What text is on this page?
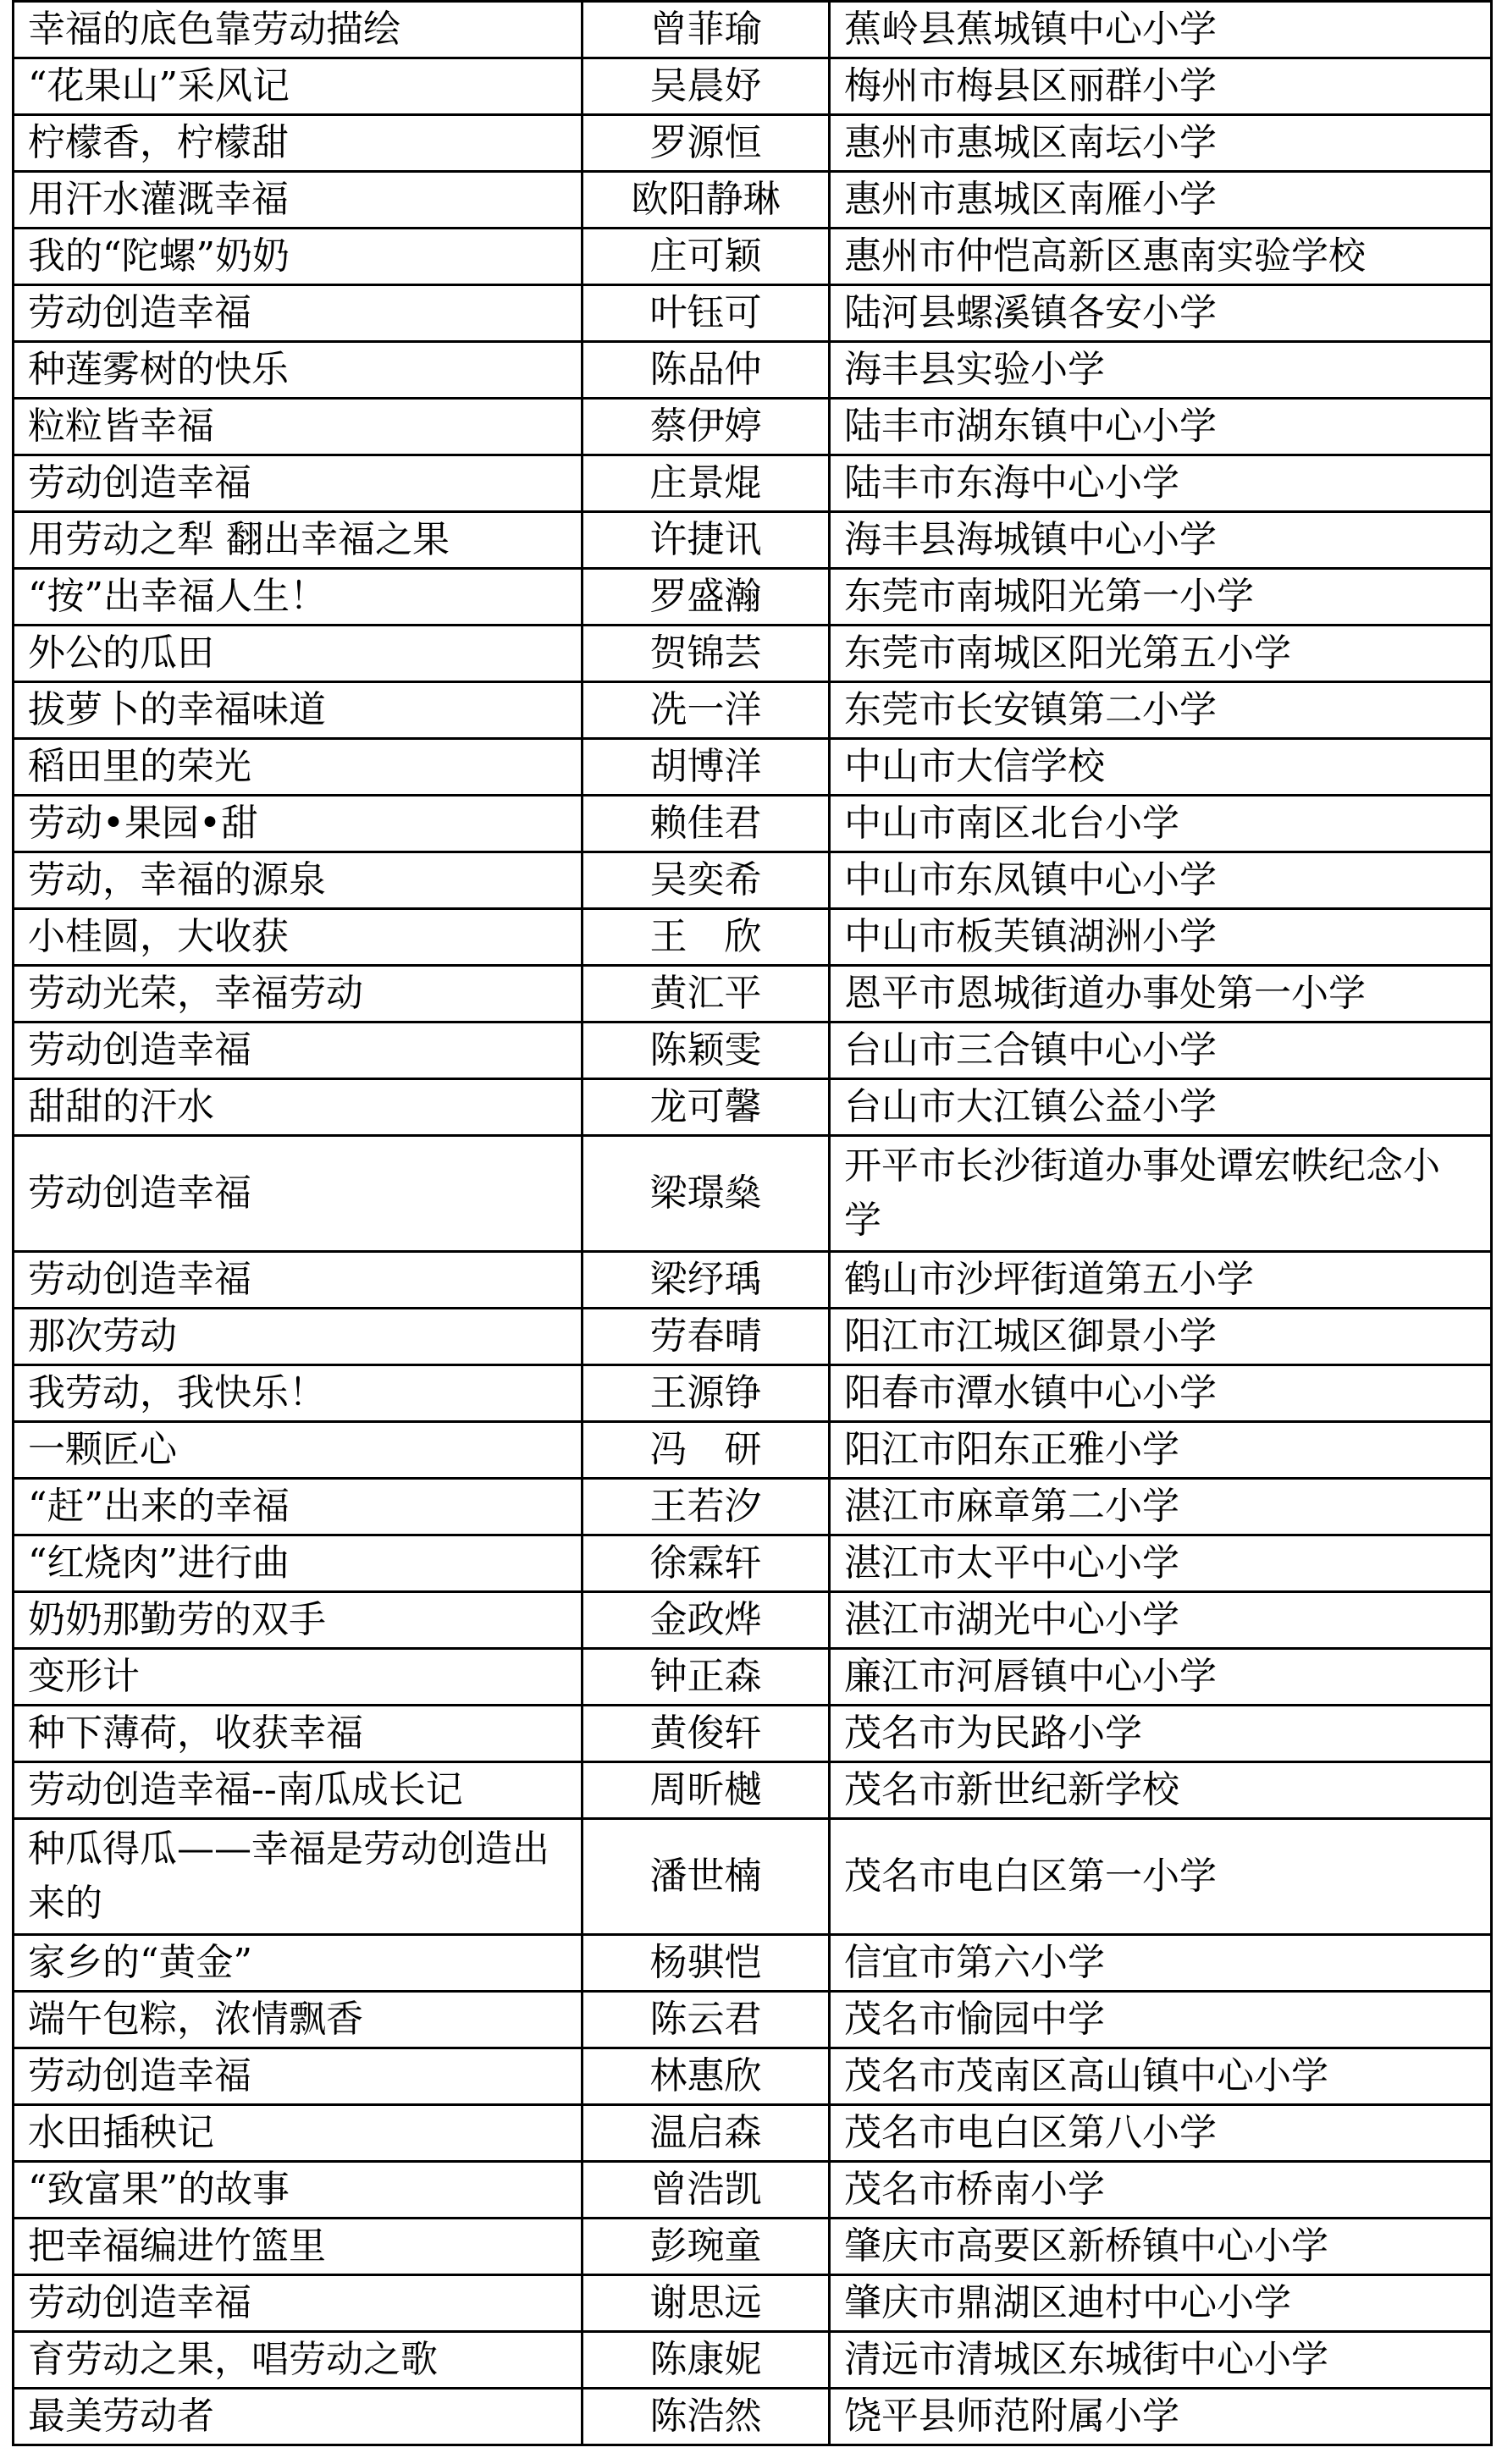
幸福的底色靠劳动描绘	曾菲瑜	蕉岭县蕉城镇中心小学
“花果山”采风记	吴晨妤	梅州市梅县区丽群小学
柠檬香，柠檬甜	罗源恒	惠州市惠城区南坛小学
用汗水灌溉幸福	欧阳静琳	惠州市惠城区南雁小学
我的“陀螺”奶奶	庄可颖	惠州市仲恺高新区惠南实验学校
劳动创造幸福	叶钰可	陆河县螺溪镇各安小学
种莲雾树的快乐	陈品仲	海丰县实验小学
粒粒皆幸福	蔡伊婷	陆丰市湖东镇中心小学
劳动创造幸福	庄景焜	陆丰市东海中心小学
用劳动之犁 翻出幸福之果	许捷讯	海丰县海城镇中心小学
“按”出幸福人生！	罗盛瀚	东莞市南城阳光第一小学
外公的瓜田	贺锦芸	东莞市南城区阳光第五小学
拔萝卜的幸福味道	冼一洋	东莞市长安镇第二小学
稻田里的荣光	胡博洋	中山市大信学校
劳动•果园•甜	赖佳君	中山市南区北台小学
劳动，幸福的源泉	吴奕希	中山市东凤镇中心小学
小桂圆，大收获	王　欣	中山市板芙镇湖洲小学
劳动光荣，幸福劳动	黄汇平	恩平市恩城街道办事处第一小学
劳动创造幸福	陈颖雯	台山市三合镇中心小学
甜甜的汗水	龙可馨	台山市大江镇公益小学
劳动创造幸福	梁璟燊	开平市长沙街道办事处谭宏帙纪念小学
劳动创造幸福	梁纾瑀	鹤山市沙坪街道第五小学
那次劳动	劳春晴	阳江市江城区御景小学
我劳动，我快乐！	王源铮	阳春市潭水镇中心小学
一颗匠心	冯　研	阳江市阳东正雅小学
“赶”出来的幸福	王若汐	湛江市麻章第二小学
“红烧肉”进行曲	徐霖轩	湛江市太平中心小学
奶奶那勤劳的双手	金政烨	湛江市湖光中心小学
变形计	钟正森	廉江市河唇镇中心小学
种下薄荷，收获幸福	黄俊轩	茂名市为民路小学
劳动创造幸福--南瓜成长记	周昕樾	茂名市新世纪新学校
种瓜得瓜——幸福是劳动创造出来的	潘世楠	茂名市电白区第一小学
家乡的“黄金”	杨骐恺	信宜市第六小学
端午包粽，浓情飘香	陈云君	茂名市愉园中学
劳动创造幸福	林惠欣	茂名市茂南区高山镇中心小学
水田插秧记	温启森	茂名市电白区第八小学
“致富果”的故事	曾浩凯	茂名市桥南小学
把幸福编进竹篮里	彭琬童	肇庆市高要区新桥镇中心小学
劳动创造幸福	谢思远	肇庆市鼎湖区迪村中心小学
育劳动之果，唱劳动之歌	陈康妮	清远市清城区东城街中心小学
最美劳动者	陈浩然	饶平县师范附属小学
